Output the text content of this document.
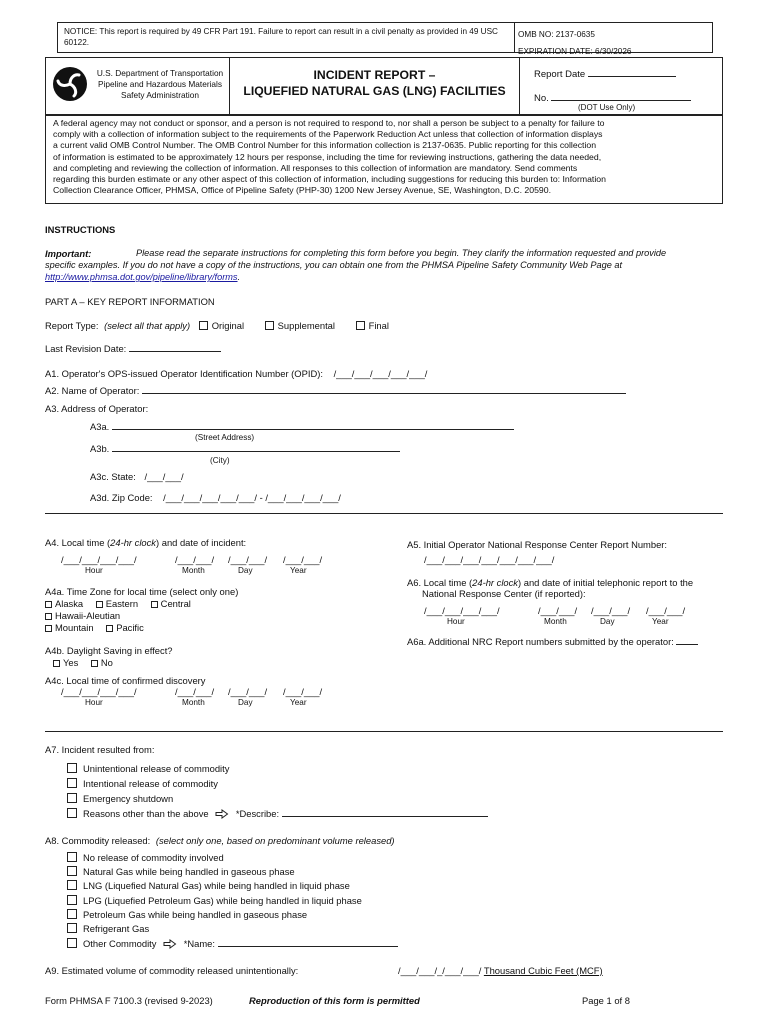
NOTICE: This report is required by 49 CFR Part 191. Failure to report can result in a civil penalty as provided in 49 USC 60122.
OMB NO: 2137-0635
EXPIRATION DATE: 6/30/2026
U.S. Department of Transportation
Pipeline and Hazardous Materials
Safety Administration
INCIDENT REPORT –
LIQUEFIED NATURAL GAS (LNG) FACILITIES
Report Date
No.
(DOT Use Only)
A federal agency may not conduct or sponsor, and a person is not required to respond to, nor shall a person be subject to a penalty for failure to
comply with a collection of information subject to the requirements of the Paperwork Reduction Act unless that collection of information displays
a current valid OMB Control Number. The OMB Control Number for this information collection is 2137-0635. Public reporting for this collection
of information is estimated to be approximately 12 hours per response, including the time for reviewing instructions, gathering the data needed,
and completing and reviewing the collection of information. All responses to this collection of information are mandatory. Send comments
regarding this burden estimate or any other aspect of this collection of information, including suggestions for reducing this burden to: Information
Collection Clearance Officer, PHMSA, Office of Pipeline Safety (PHP-30) 1200 New Jersey Avenue, SE, Washington, D.C. 20590.
INSTRUCTIONS
Important:	Please read the separate instructions for completing this form before you begin. They clarify the information requested and provide
specific examples. If you do not have a copy of the instructions, you can obtain one from the PHMSA Pipeline Safety Community Web Page at
http://www.phmsa.dot.gov/pipeline/library/forms.
PART A – KEY REPORT INFORMATION
Report Type: (select all that apply) Original	Supplemental	Final
Last Revision Date:
A1. Operator's OPS-issued Operator Identification Number (OPID): /___/___/___/___/___/
A2. Name of Operator:
A3. Address of Operator:
A3a.
(Street Address)
A3b.
(City)
A3c. State: /___/___/
A3d. Zip Code: /___/___/___/___/___/ - /___/___/___/___/
A4. Local time (24-hr clock) and date of incident:
/___/___/___/___/	/___/___/ /___/___/ /___/___/
Hour	Month	Day	Year
A4a. Time Zone for local time (select only one)
Alaska Eastern Central
Hawaii-Aleutian
Mountain Pacific
A4b. Daylight Saving in effect?
Yes No
A4c. Local time of confirmed discovery
/___/___/___/___/	/___/___/ /___/___/ /___/___/
Hour	Month	Day	Year
A5. Initial Operator National Response Center Report Number:
/___/___/___/___/___/___/___/
A6. Local time (24-hr clock) and date of initial telephonic report to the
National Response Center (if reported):
/___/___/___/___/	/___/___/ /___/___/ /___/___/
Hour	Month	Day	Year
A6a. Additional NRC Report numbers submitted by the operator:
A7. Incident resulted from:
Unintentional release of commodity
Intentional release of commodity
Emergency shutdown
Reasons other than the above	*Describe:
A8. Commodity released: (select only one, based on predominant volume released)
No release of commodity involved
Natural Gas while being handled in gaseous phase
LNG (Liquefied Natural Gas) while being handled in liquid phase
LPG (Liquefied Petroleum Gas) while being handled in liquid phase
Petroleum Gas while being handled in gaseous phase
Refrigerant Gas
Other Commodity	*Name:
A9. Estimated volume of commodity released unintentionally:	/___/___/_/___/___/ Thousand Cubic Feet (MCF)
Form PHMSA F 7100.3 (revised 9-2023)	Reproduction of this form is permitted	Page 1 of 8
